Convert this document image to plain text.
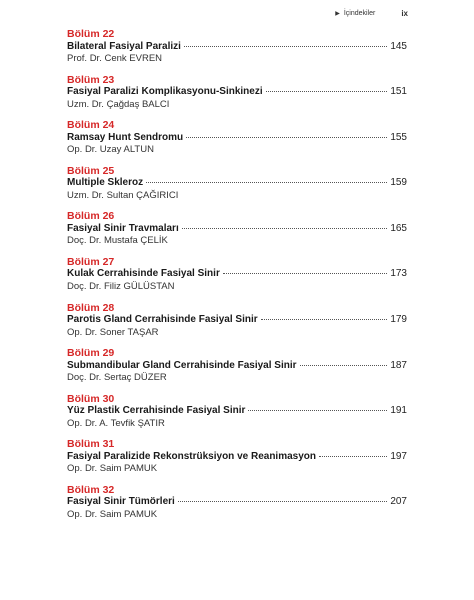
▶ İçindekiler	ix
Bölüm 22
Bilateral Fasiyal Paralizi	145
Prof. Dr. Cenk EVREN
Bölüm 23
Fasiyal Paralizi Komplikasyonu-Sinkinezi	151
Uzm. Dr. Çağdaş BALCI
Bölüm 24
Ramsay Hunt Sendromu	155
Op. Dr. Uzay ALTUN
Bölüm 25
Multiple Skleroz	159
Uzm. Dr. Sultan ÇAĞIRICI
Bölüm 26
Fasiyal Sinir Travmaları	165
Doç. Dr. Mustafa ÇELİK
Bölüm 27
Kulak Cerrahisinde Fasiyal Sinir	173
Doç. Dr. Filiz GÜLÜSTAN
Bölüm 28
Parotis Gland Cerrahisinde Fasiyal Sinir	179
Op. Dr. Soner TAŞAR
Bölüm 29
Submandibular Gland Cerrahisinde Fasiyal Sinir	187
Doç. Dr. Sertaç DÜZER
Bölüm 30
Yüz Plastik Cerrahisinde Fasiyal Sinir	191
Op. Dr. A. Tevfik ŞATIR
Bölüm 31
Fasiyal Paralizide Rekonstrüksiyon ve Reanimasyon	197
Op. Dr. Saim PAMUK
Bölüm 32
Fasiyal Sinir Tümörleri	207
Op. Dr. Saim PAMUK
